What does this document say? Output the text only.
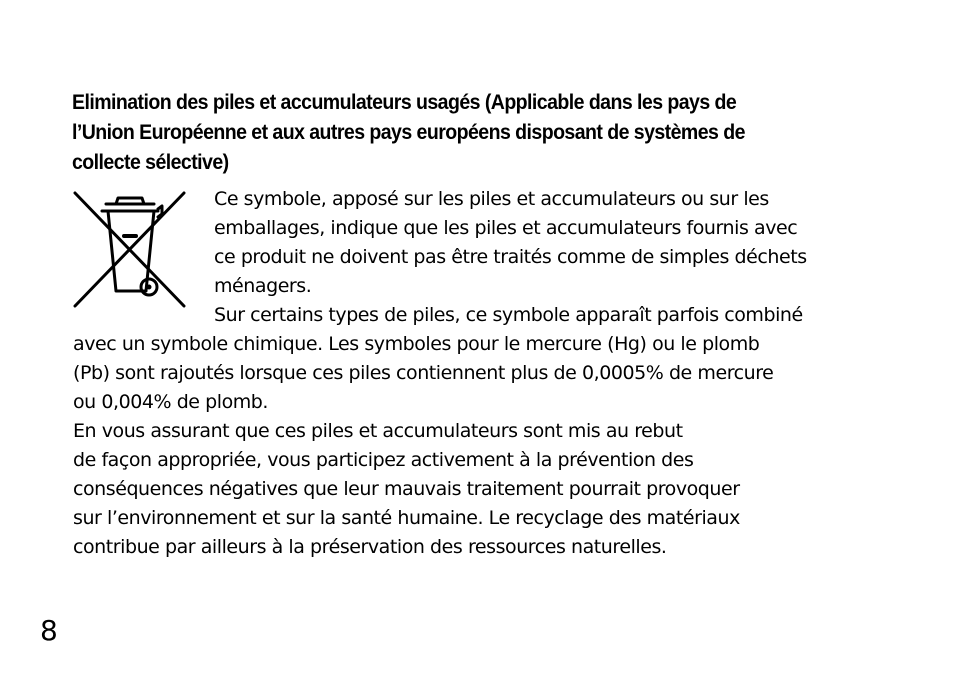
Elimination des piles et accumulateurs usagés (Applicable dans les pays de
l’Union Européenne et aux autres pays européens disposant de systèmes de
collecte sélective)

Ce symbole, apposé sur les piles et accumulateurs ou sur les
emballages, indique que les piles et accumulateurs fournis avec
ce produit ne doivent pas être traités comme de simples déchets
ménagers.

Sur certains types de piles, ce symbole apparaît parfois combiné

avec un symbole chimique. Les symboles pour le mercure (Hg) ou le plomb
(Pb) sont rajoutés lorsque ces piles contiennent plus de 0,0005% de mercure
ou 0,004% de plomb.

En vous assurant que ces piles et accumulateurs sont mis au rebut
de façon appropriée, vous participez activement à la prévention des
conséquences négatives que leur mauvais traitement pourrait provoquer
sur l’environnement et sur la santé humaine. Le recyclage des matériaux
contribue par ailleurs à la préservation des ressources naturelles.

8
